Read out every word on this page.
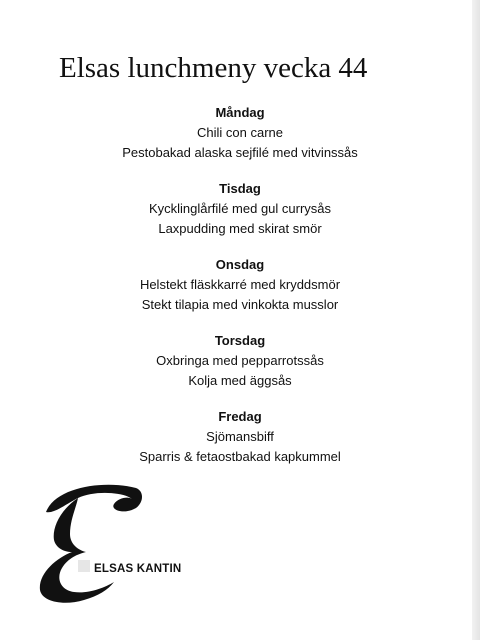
Elsas lunchmeny vecka 44
Måndag
Chili con carne
Pestobakad alaska sejfilé med vitvinssås
Tisdag
Kycklinglårfilé med gul currysås
Laxpudding med skirat smör
Onsdag
Helstekt fläskkarré med kryddsmör
Stekt tilapia med vinkokta musslor
Torsdag
Oxbringa med pepparrotssås
Kolja med äggsås
Fredag
Sjömansbiff
Sparris & fetaostbakad kapkummel
ELSAS KANTIN
